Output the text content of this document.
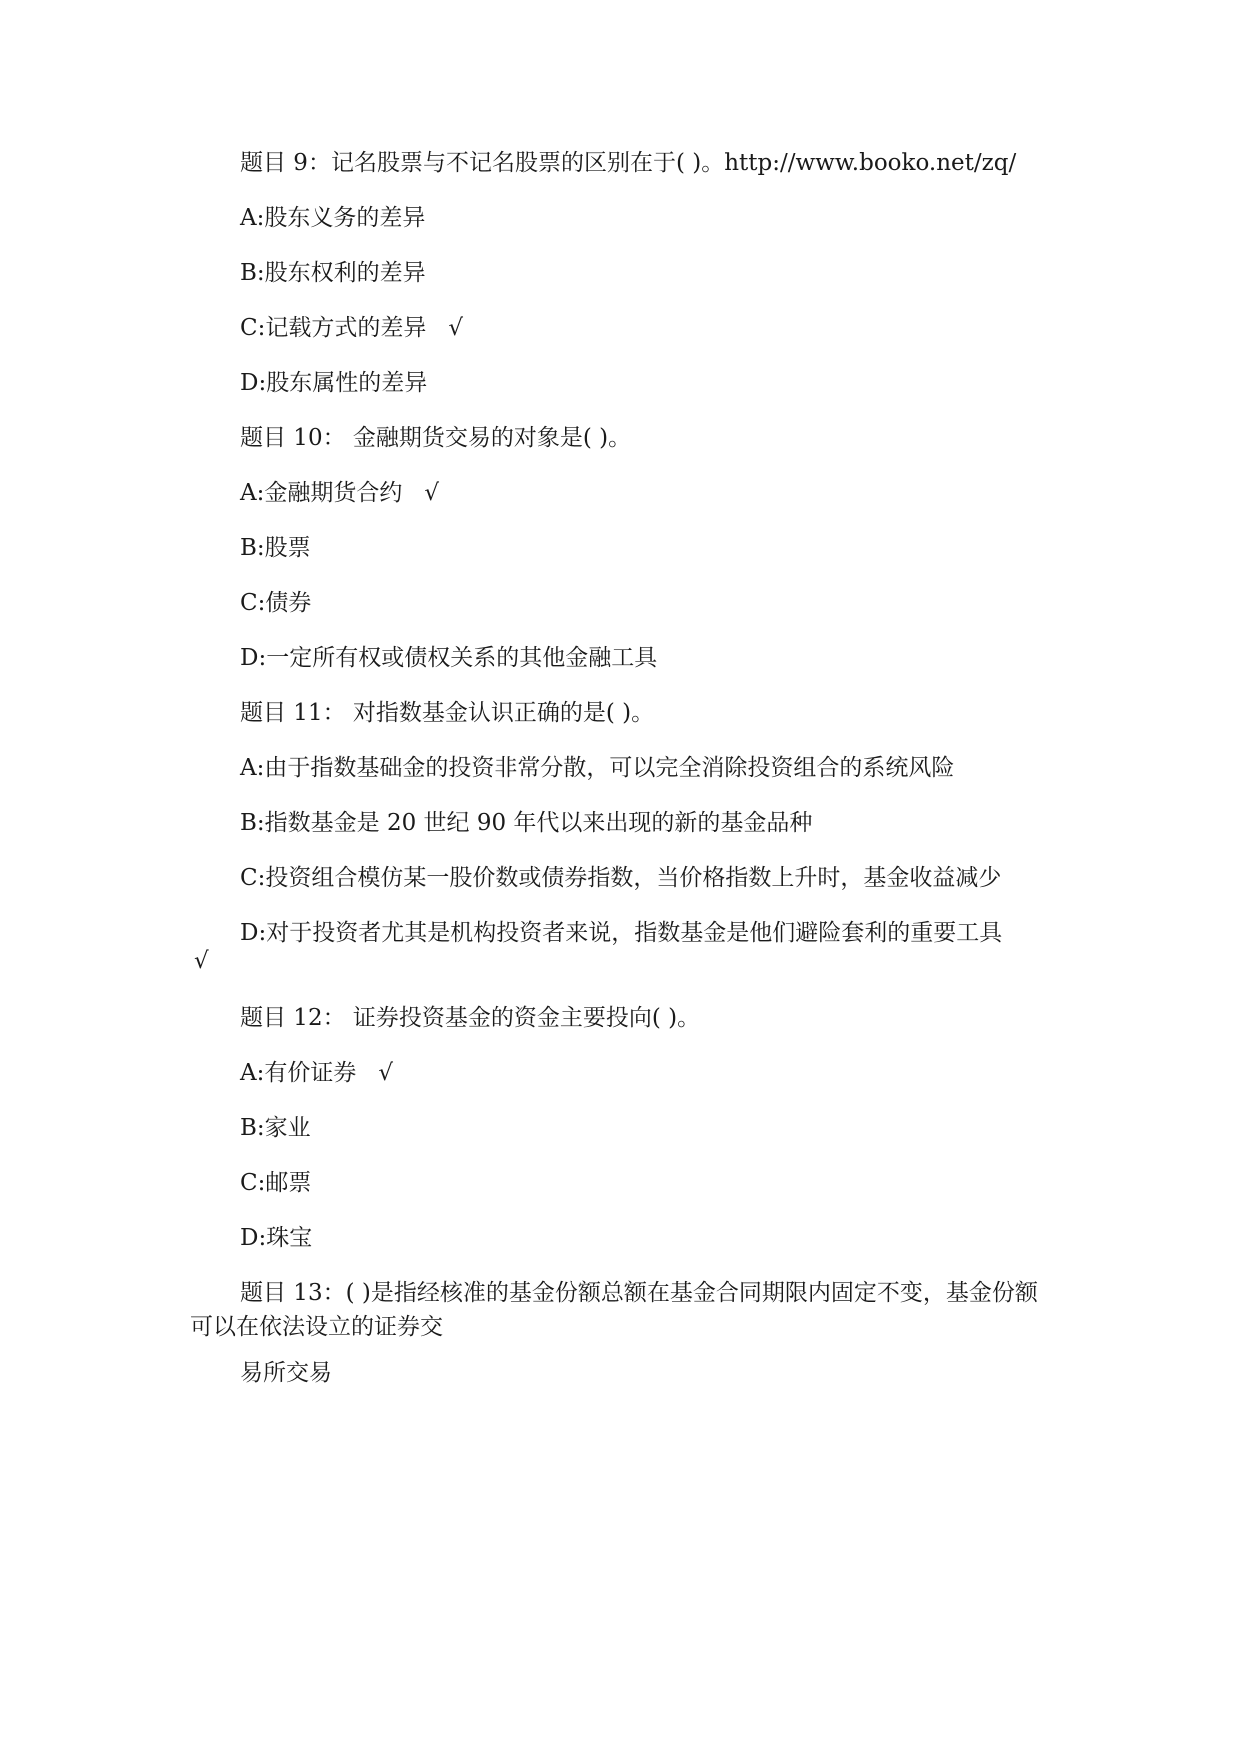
题目 9：记名股票与不记名股票的区别在于( )。http://www.booko.net/zq/
A:股东义务的差异
B:股东权利的差异
C:记载方式的差异 √
D:股东属性的差异
题目 10： 金融期货交易的对象是( )。
A:金融期货合约 √
B:股票
C:债券
D:一定所有权或债权关系的其他金融工具
题目 11： 对指数基金认识正确的是( )。
A:由于指数基础金的投资非常分散，可以完全消除投资组合的系统风险
B:指数基金是 20 世纪 90 年代以来出现的新的基金品种
C:投资组合模仿某一股价数或债券指数，当价格指数上升时，基金收益减少
D:对于投资者尤其是机构投资者来说，指数基金是他们避险套利的重要工具
√
题目 12： 证券投资基金的资金主要投向( )。
A:有价证券 √
B:家业
C:邮票
D:珠宝
题目 13：( )是指经核准的基金份额总额在基金合同期限内固定不变，基金份额可以在依法设立的证券交
易所交易
